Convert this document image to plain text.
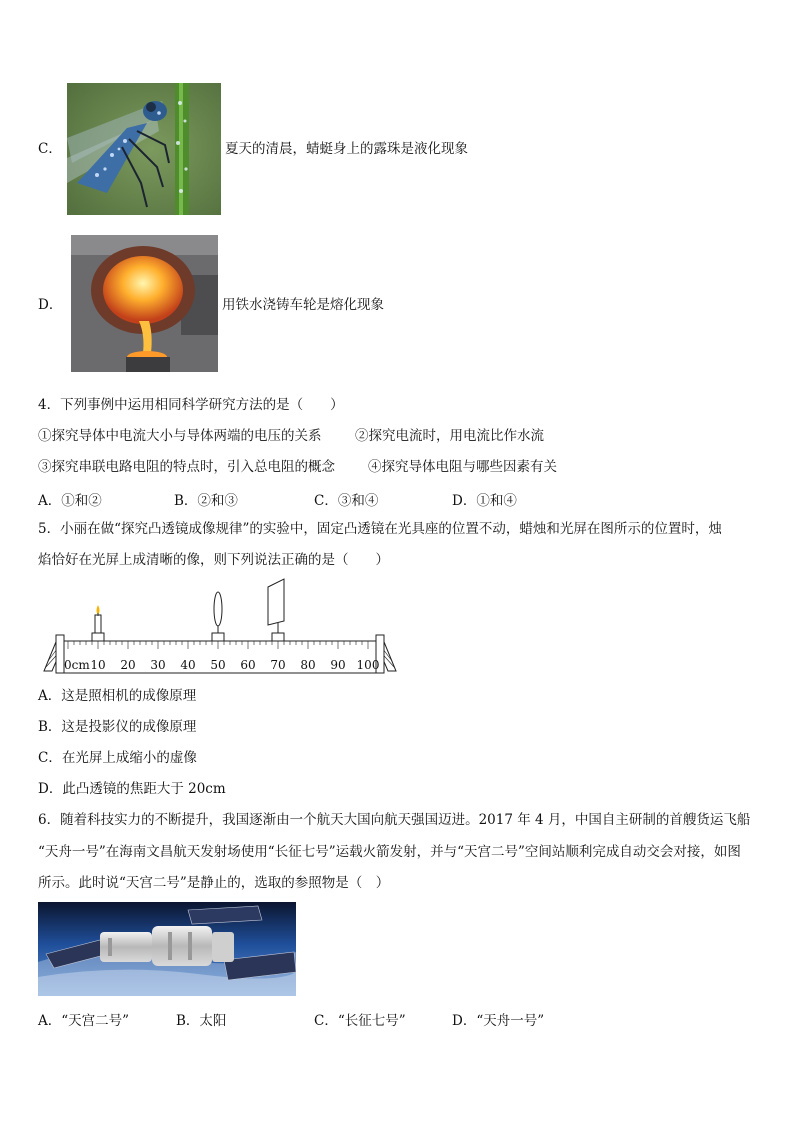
C．	夏天的清晨，蜻蜓身上的露珠是液化现象
D．	用铁水浇铸车轮是熔化现象
4．下列事例中运用相同科学研究方法的是（　　）
①探究导体中电流大小与导体两端的电压的关系 ②探究电流时，用电流比作水流
③探究串联电路电阻的特点时，引入总电阻的概念 ④探究导体电阻与哪些因素有关
A．①和②	B．②和③	C．③和④	D．①和④
5．小丽在做“探究凸透镜成像规律”的实验中，固定凸透镜在光具座的位置不动，蜡烛和光屏在图所示的位置时，烛
焰恰好在光屏上成清晰的像，则下列说法正确的是（　　）
0cm 10 20 30 40 50 60 70 80 90 100
A．这是照相机的成像原理
B．这是投影仪的成像原理
C．在光屏上成缩小的虚像
D．此凸透镜的焦距大于 20cm
6．随着科技实力的不断提升，我国逐渐由一个航天大国向航天强国迈进。2017 年 4 月，中国自主研制的首艘货运飞船
“天舟一号”在海南文昌航天发射场使用“长征七号”运载火箭发射，并与“天宫二号”空间站顺利完成自动交会对接，如图
所示。此时说“天宫二号”是静止的，选取的参照物是（　）
A．“天宫二号”	B．太阳	C．“长征七号”	D．“天舟一号”
